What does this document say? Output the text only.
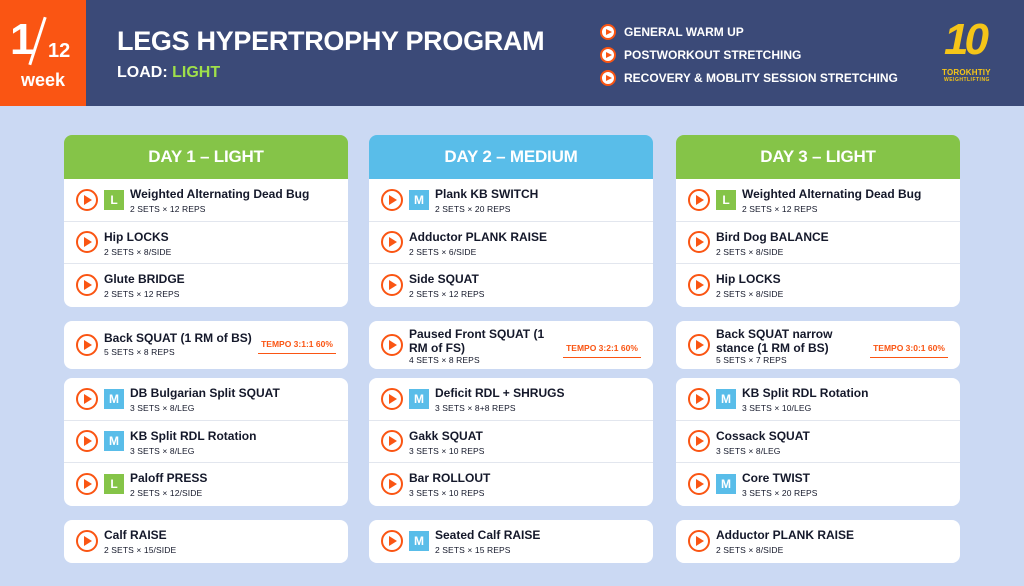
1 12
week
LEGS HYPERTROPHY PROGRAM
LOAD: LIGHT
GENERAL WARM UP
POSTWORKOUT STRETCHING
RECOVERY & MOBLITY SESSION STRETCHING
10
TOROKHTIY
WEIGHTLIFTING
DAY 1 – LIGHT
L	Weighted Alternating Dead Bug
2 SETS × 12 REPS
Hip LOCKS
2 SETS × 8/SIDE
Glute BRIDGE
2 SETS × 12 REPS
Back SQUAT (1 RM of BS)
5 SETS × 8 REPS
TEMPO 3:1:1 60%
M DB Bulgarian Split SQUAT
3 SETS × 8/LEG
M KB Split RDL Rotation
3 SETS × 8/LEG
L	Paloff PRESS
2 SETS × 12/SIDE
Calf RAISE
2 SETS × 15/SIDE
DAY 2 – MEDIUM
M Plank KB SWITCH
2 SETS × 20 REPS
Adductor PLANK RAISE
2 SETS × 6/SIDE
Side SQUAT
2 SETS × 12 REPS
Paused Front SQUAT (1 RM of FS)
4 SETS × 8 REPS
TEMPO 3:2:1 60%
M Deficit RDL + SHRUGS
3 SETS × 8+8 REPS
Gakk SQUAT
3 SETS × 10 REPS
Bar ROLLOUT
3 SETS × 10 REPS
M Seated Calf RAISE
2 SETS × 15 REPS
DAY 3 – LIGHT
L	Weighted Alternating Dead Bug
2 SETS × 12 REPS
Bird Dog BALANCE
2 SETS × 8/SIDE
Hip LOCKS
2 SETS × 8/SIDE
Back SQUAT narrow stance (1 RM of BS)
5 SETS × 7 REPS
TEMPO 3:0:1 60%
M KB Split RDL Rotation
3 SETS × 10/LEG
Cossack SQUAT
3 SETS × 8/LEG
M Core TWIST
3 SETS × 20 REPS
Adductor PLANK RAISE
2 SETS × 8/SIDE
